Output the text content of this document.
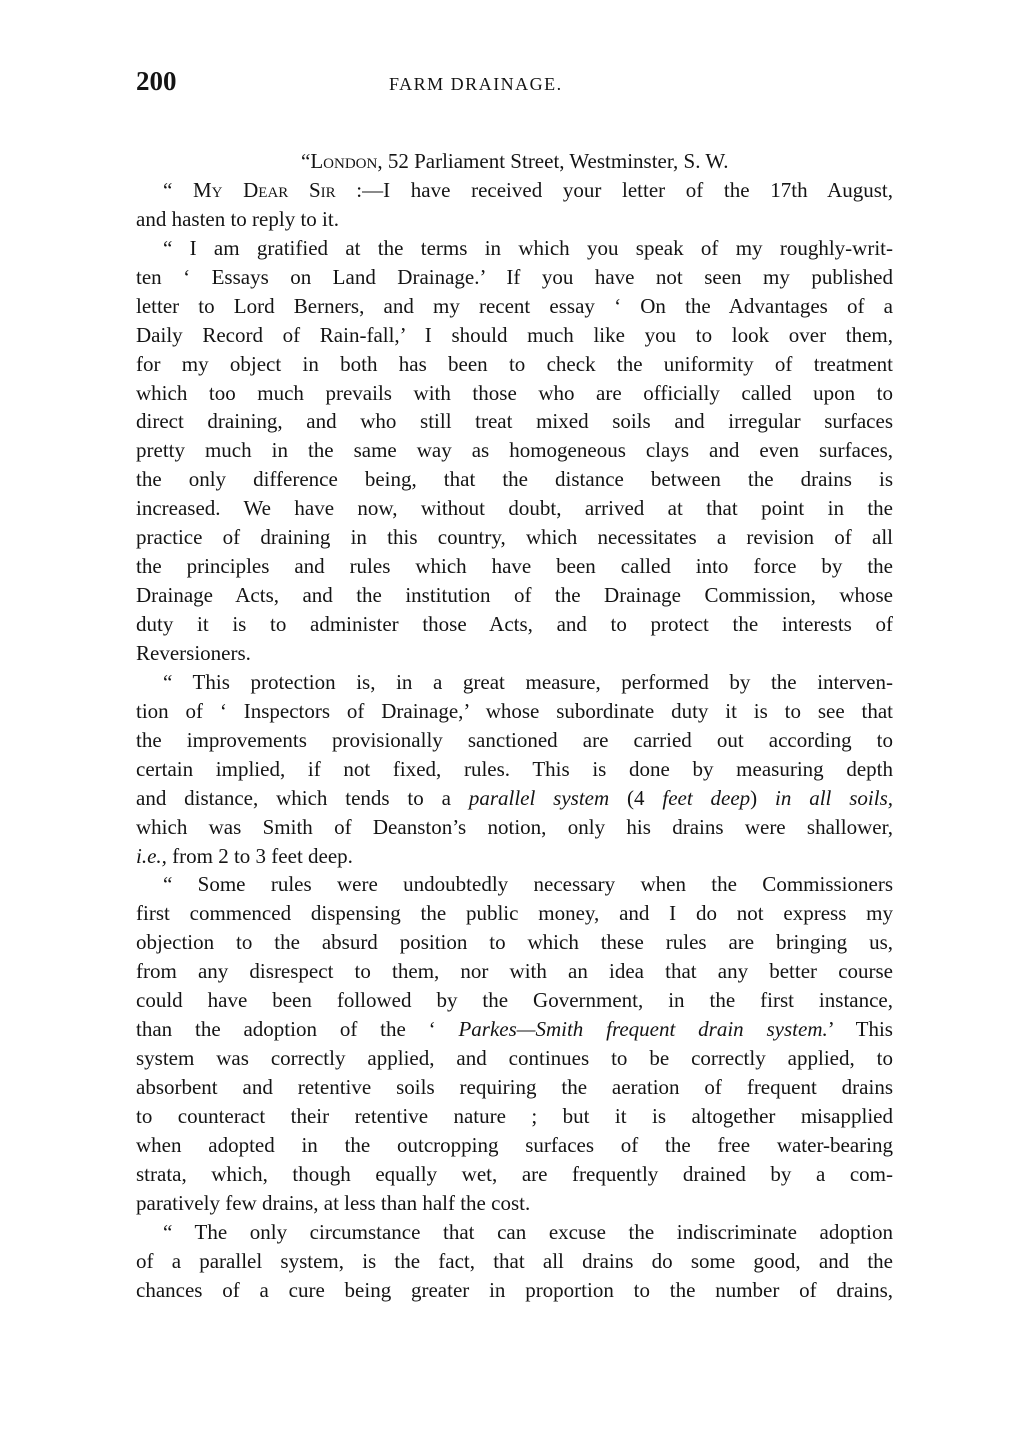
200	FARM DRAINAGE.
“London, 52 Parliament Street, Westminster, S. W.
“ My Dear Sir :—I have received your letter of the 17th August,
and hasten to reply to it.
“ I am gratified at the terms in which you speak of my roughly-writ-
ten ‘ Essays on Land Drainage.’ If you have not seen my published
letter to Lord Berners, and my recent essay ‘ On the Advantages of a
Daily Record of Rain-fall,’ I should much like you to look over them,
for my object in both has been to check the uniformity of treatment
which too much prevails with those who are officially called upon to
direct draining, and who still treat mixed soils and irregular surfaces
pretty much in the same way as homogeneous clays and even surfaces,
the only difference being, that the distance between the drains is
increased. We have now, without doubt, arrived at that point in the
practice of draining in this country, which necessitates a revision of all
the principles and rules which have been called into force by the
Drainage Acts, and the institution of the Drainage Commission, whose
duty it is to administer those Acts, and to protect the interests of
Reversioners.
“ This protection is, in a great measure, performed by the interven-
tion of ‘ Inspectors of Drainage,’ whose subordinate duty it is to see that
the improvements provisionally sanctioned are carried out according to
certain implied, if not fixed, rules. This is done by measuring depth
and distance, which tends to a parallel system (4 feet deep) in all soils,
which was Smith of Deanston’s notion, only his drains were shallower,
i.e., from 2 to 3 feet deep.
“ Some rules were undoubtedly necessary when the Commissioners
first commenced dispensing the public money, and I do not express my
objection to the absurd position to which these rules are bringing us,
from any disrespect to them, nor with an idea that any better course
could have been followed by the Government, in the first instance,
than the adoption of the ‘ Parkes—Smith frequent drain system.’ This
system was correctly applied, and continues to be correctly applied, to
absorbent and retentive soils requiring the aeration of frequent drains
to counteract their retentive nature ; but it is altogether misapplied
when adopted in the outcropping surfaces of the free water-bearing
strata, which, though equally wet, are frequently drained by a com-
paratively few drains, at less than half the cost.
“ The only circumstance that can excuse the indiscriminate adoption
of a parallel system, is the fact, that all drains do some good, and the
chances of a cure being greater in proportion to the number of drains,
